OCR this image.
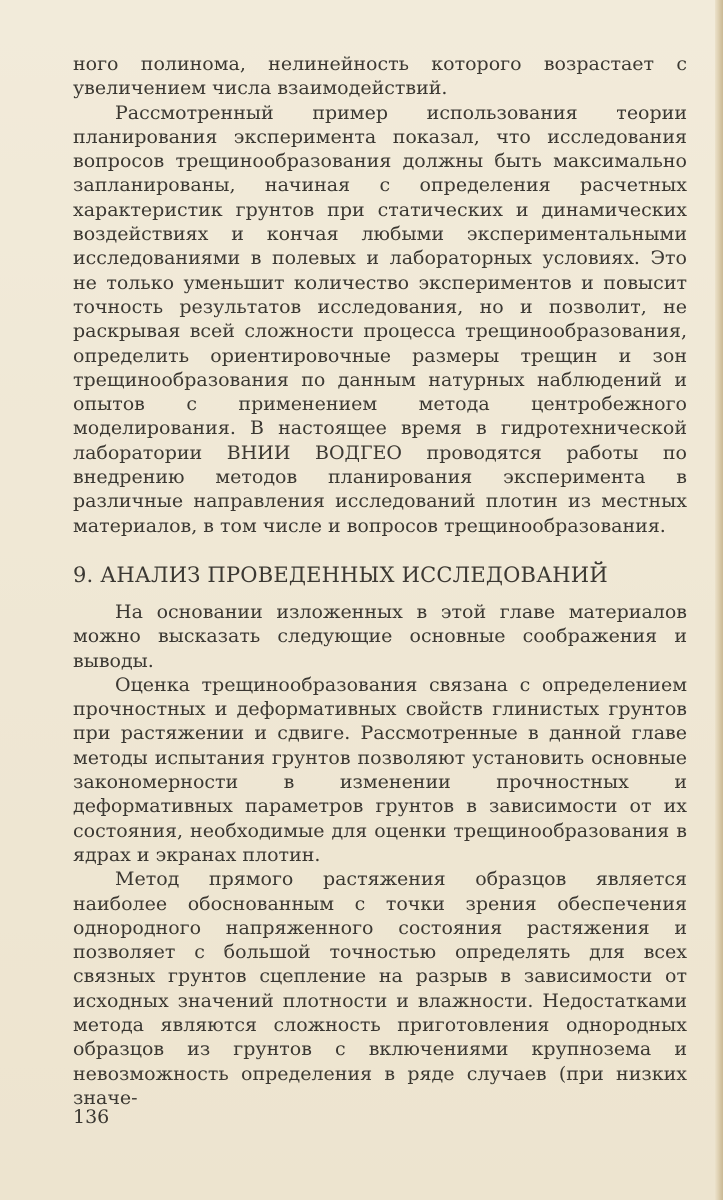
ного полинома, нелинейность которого возрастает с увеличением числа взаимодействий.

Рассмотренный пример использования теории планирования эксперимента показал, что исследования вопросов трещинообразования должны быть максимально запланированы, начиная с определения расчетных характеристик грунтов при статических и динамических воздействиях и кончая любыми экспериментальными исследованиями в полевых и лабораторных условиях. Это не только уменьшит количество экспериментов и повысит точность результатов исследования, но и позволит, не раскрывая всей сложности процесса трещинообразования, определить ориентировочные размеры трещин и зон трещинообразования по данным натурных наблюдений и опытов с применением метода центробежного моделирования. В настоящее время в гидротехнической лаборатории ВНИИ ВОДГЕО проводятся работы по внедрению методов планирования эксперимента в различные направления исследований плотин из местных материалов, в том числе и вопросов трещинообразования.

9. АНАЛИЗ ПРОВЕДЕННЫХ ИССЛЕДОВАНИЙ

На основании изложенных в этой главе материалов можно высказать следующие основные соображения и выводы.

Оценка трещинообразования связана с определением прочностных и деформативных свойств глинистых грунтов при растяжении и сдвиге. Рассмотренные в данной главе методы испытания грунтов позволяют установить основные закономерности в изменении прочностных и деформативных параметров грунтов в зависимости от их состояния, необходимые для оценки трещинообразования в ядрах и экранах плотин.

Метод прямого растяжения образцов является наиболее обоснованным с точки зрения обеспечения однородного напряженного состояния растяжения и позволяет с большой точностью определять для всех связных грунтов сцепление на разрыв в зависимости от исходных значений плотности и влажности. Недостатками метода являются сложность приготовления однородных образцов из грунтов с включениями крупнозема и невозможность определения в ряде случаев (при низких значе-

136
